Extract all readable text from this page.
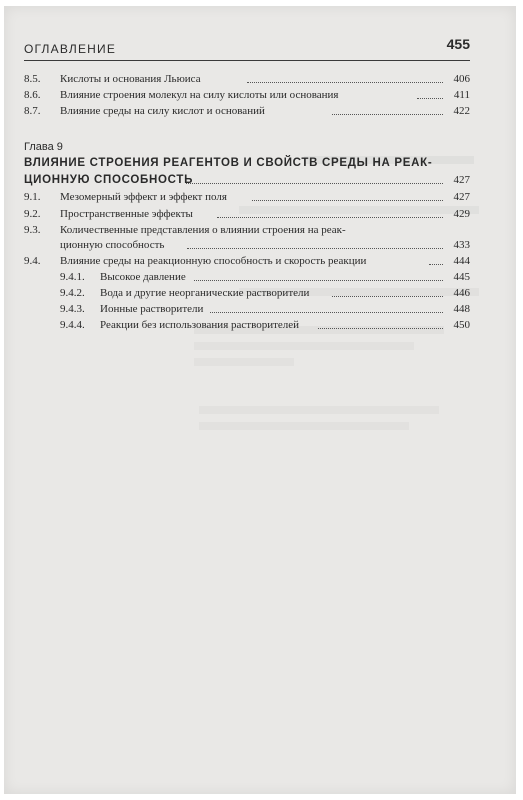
ОГЛАВЛЕНИЕ	455
8.5. Кислоты и основания Льюиса	406
8.6. Влияние строения молекул на силу кислоты или основания	411
8.7. Влияние среды на силу кислот и оснований	422
Глава 9
ВЛИЯНИЕ СТРОЕНИЯ РЕАГЕНТОВ И СВОЙСТВ СРЕДЫ НА РЕАК-
ЦИОННУЮ СПОСОБНОСТЬ	427
9.1. Мезомерный эффект и эффект поля	427
9.2. Пространственные эффекты	429
9.3. Количественные представления о влиянии строения на реак-
ционную способность	433
9.4. Влияние среды на реакционную способность и скорость реакции	444
9.4.1. Высокое давление	445
9.4.2. Вода и другие неорганические растворители	446
9.4.3. Ионные растворители	448
9.4.4. Реакции без использования растворителей	450
